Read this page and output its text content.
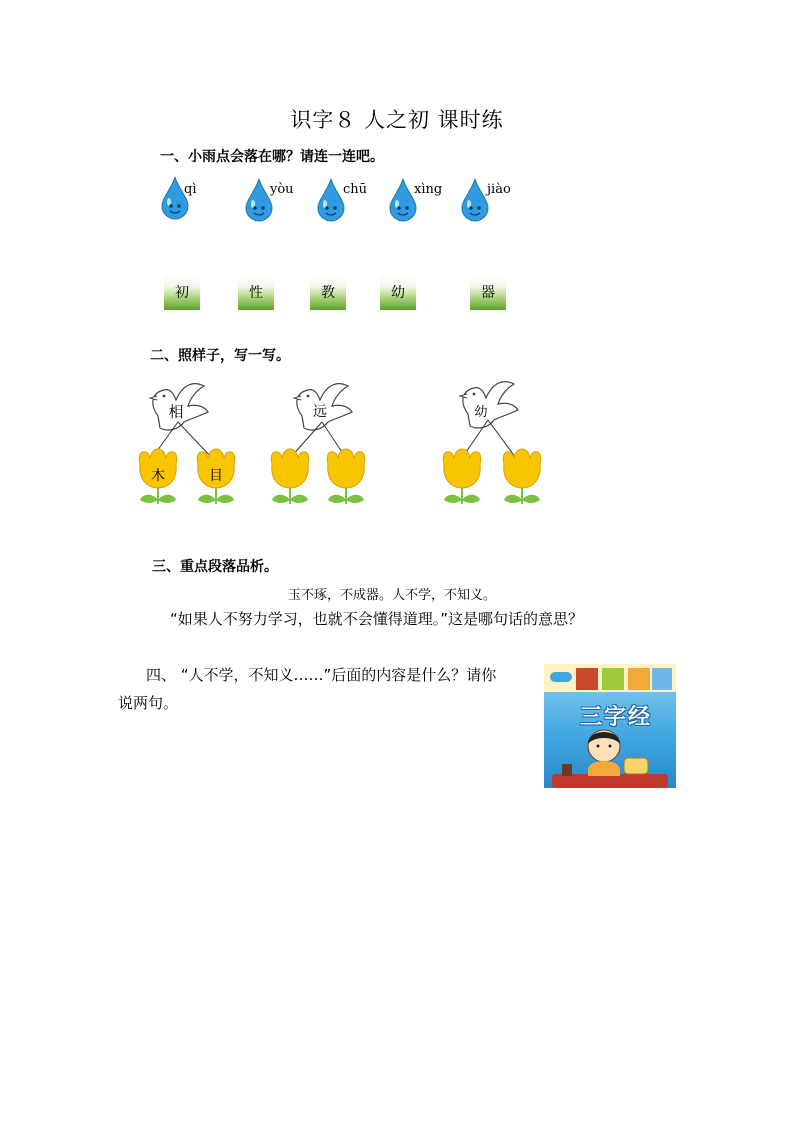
识字８ 人之初 课时练
一、小雨点会落在哪？请连一连吧。
qì	yòu	chū	xìng	jiào
初	性	教	幼	器
二、照样子，写一写。
相	远	幼
木	目
三、重点段落品析。
玉不琢，不成器。人不学，不知义。
“如果人不努力学习，也就不会懂得道理。”这是哪句话的意思？
四、 “人不学，不知义……”后面的内容是什么？请你
说两句。
三字经
